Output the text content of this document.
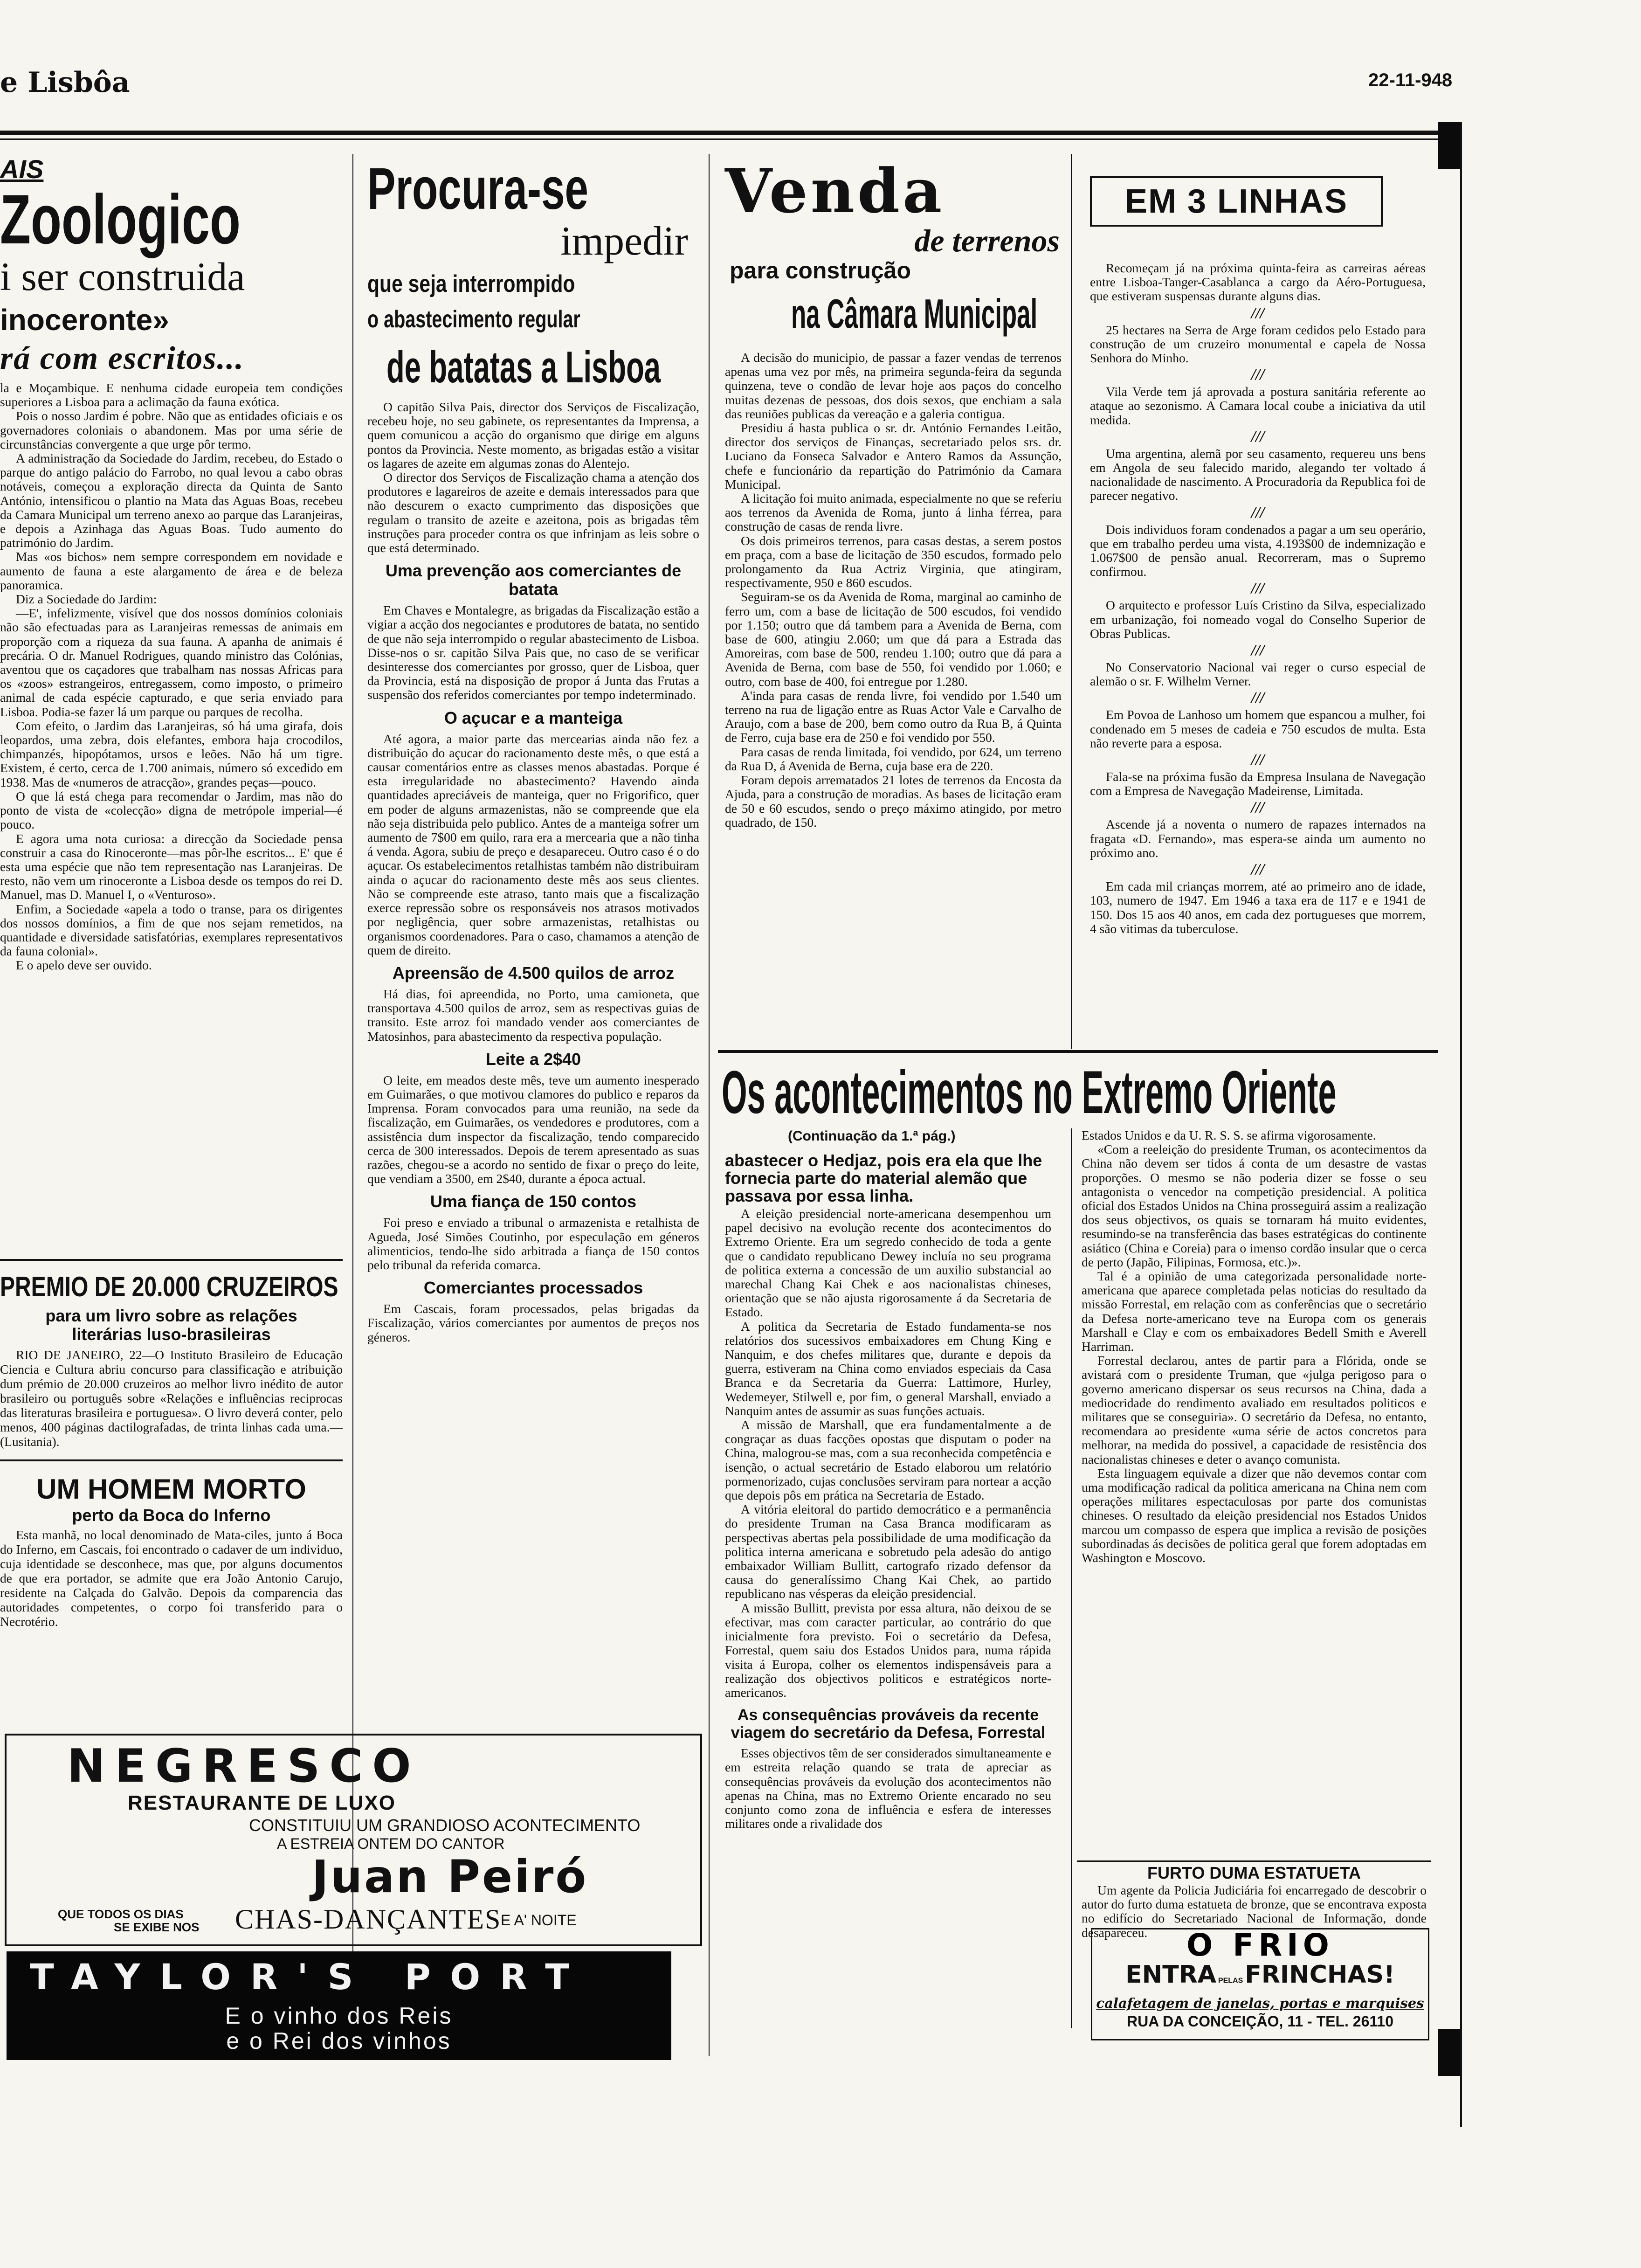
e Lisbôa	22-11-948
AIS
Zoologico
i ser construida
inoceronte»
rá com escritos...

la e Moçambique. E nenhuma cidade europeia tem condições superiores a Lisboa para a aclimação da fauna exótica.

Pois o nosso Jardim é pobre. Não que as entidades oficiais e os governadores coloniais o abandonem. Mas por uma série de circunstâncias convergente a que urge pôr termo.

A administração da Sociedade do Jardim, recebeu, do Estado o parque do antigo palácio do Farrobo, no qual levou a cabo obras notáveis, começou a exploração directa da Quinta de Santo António, intensificou o plantio na Mata das Aguas Boas, recebeu da Camara Municipal um terreno anexo ao parque das Laranjeiras, e depois a Azinhaga das Aguas Boas. Tudo aumento do património do Jardim.

Mas «os bichos» nem sempre correspondem em novidade e aumento de fauna a este alargamento de área e de beleza panoramica.

Diz a Sociedade do Jardim:

—E', infelizmente, visível que dos nossos domínios coloniais não são efectuadas para as Laranjeiras remessas de animais em proporção com a riqueza da sua fauna. A apanha de animais é precária. O dr. Manuel Rodrigues, quando ministro das Colónias, aventou que os caçadores que trabalham nas nossas Africas para os «zoos» estrangeiros, entregassem, como imposto, o primeiro animal de cada espécie capturado, e que seria enviado para Lisboa. Podia-se fazer lá um parque ou parques de recolha.

Com efeito, o Jardim das Laranjeiras, só há uma girafa, dois leopardos, uma zebra, dois elefantes, embora haja crocodilos, chimpanzés, hipopótamos, ursos e leões. Não há um tigre. Existem, é certo, cerca de 1.700 animais, número só excedido em 1938. Mas de «numeros de atracção», grandes peças—pouco.

O que lá está chega para recomendar o Jardim, mas não do ponto de vista de «colecção» digna de metrópole imperial—é pouco.

E agora uma nota curiosa: a direcção da Sociedade pensa construir a casa do Rinoceronte—mas pôr-lhe escritos... E' que é esta uma espécie que não tem representação nas Laranjeiras. De resto, não vem um rinoceronte a Lisboa desde os tempos do rei D. Manuel, mas D. Manuel I, o «Venturoso».

Enfim, a Sociedade «apela a todo o transe, para os dirigentes dos nossos domínios, a fim de que nos sejam remetidos, na quantidade e diversidade satisfatórias, exemplares representativos da fauna colonial».

E o apelo deve ser ouvido.

PREMIO DE 20.000 CRUZEIROS
para um livro sobre as relações literárias luso-brasileiras

RIO DE JANEIRO, 22—O Instituto Brasileiro de Educação Ciencia e Cultura abriu concurso para classificação e atribuição dum prémio de 20.000 cruzeiros ao melhor livro inédito de autor brasileiro ou português sobre «Relações e influências reciprocas das literaturas brasileira e portuguesa». O livro deverá conter, pelo menos, 400 páginas dactilografadas, de trinta linhas cada uma.—(Lusitania).

UM HOMEM MORTO
perto da Boca do Inferno

Esta manhã, no local denominado de Mata-ciles, junto á Boca do Inferno, em Cascais, foi encontrado o cadaver de um individuo, cuja identidade se desconhece, mas que, por alguns documentos de que era portador, se admite que era João Antonio Carujo, residente na Calçada do Galvão. Depois da comparencia das autoridades competentes, o corpo foi transferido para o Necrotério.

Procura-se
impedir
que seja interrompido
o abastecimento regular
de batatas a Lisboa

O capitão Silva Pais, director dos Serviços de Fiscalização, recebeu hoje, no seu gabinete, os representantes da Imprensa, a quem comunicou a acção do organismo que dirige em alguns pontos da Provincia. Neste momento, as brigadas estão a visitar os lagares de azeite em algumas zonas do Alentejo.

O director dos Serviços de Fiscalização chama a atenção dos produtores e lagareiros de azeite e demais interessados para que não descurem o exacto cumprimento das disposições que regulam o transito de azeite e azeitona, pois as brigadas têm instruções para proceder contra os que infrinjam as leis sobre o que está determinado.

Uma prevenção aos comerciantes de batata

Em Chaves e Montalegre, as brigadas da Fiscalização estão a vigiar a acção dos negociantes e produtores de batata, no sentido de que não seja interrompido o regular abastecimento de Lisboa. Disse-nos o sr. capitão Silva Pais que, no caso de se verificar desinteresse dos comerciantes por grosso, quer de Lisboa, quer da Provincia, está na disposição de propor á Junta das Frutas a suspensão dos referidos comerciantes por tempo indeterminado.

O açucar e a manteiga

Até agora, a maior parte das mercearias ainda não fez a distribuição do açucar do racionamento deste mês, o que está a causar comentários entre as classes menos abastadas. Porque é esta irregularidade no abastecimento? Havendo ainda quantidades apreciáveis de manteiga, quer no Frigorifico, quer em poder de alguns armazenistas, não se compreende que ela não seja distribuida pelo publico. Antes de a manteiga sofrer um aumento de 7$00 em quilo, rara era a mercearia que a não tinha á venda. Agora, subiu de preço e desapareceu. Outro caso é o do açucar. Os estabelecimentos retalhistas também não distribuiram ainda o açucar do racionamento deste mês aos seus clientes. Não se compreende este atraso, tanto mais que a fiscalização exerce repressão sobre os responsáveis nos atrasos motivados por negligência, quer sobre armazenistas, retalhistas ou organismos coordenadores. Para o caso, chamamos a atenção de quem de direito.

Apreensão de 4.500 quilos de arroz

Há dias, foi apreendida, no Porto, uma camioneta, que transportava 4.500 quilos de arroz, sem as respectivas guias de transito. Este arroz foi mandado vender aos comerciantes de Matosinhos, para abastecimento da respectiva população.

Leite a 2$40

O leite, em meados deste mês, teve um aumento inesperado em Guimarães, o que motivou clamores do publico e reparos da Imprensa. Foram convocados para uma reunião, na sede da fiscalização, em Guimarães, os vendedores e produtores, com a assistência dum inspector da fiscalização, tendo comparecido cerca de 300 interessados. Depois de terem apresentado as suas razões, chegou-se a acordo no sentido de fixar o preço do leite, que vendiam a 3500, em 2$40, durante a época actual.

Uma fiança de 150 contos

Foi preso e enviado a tribunal o armazenista e retalhista de Agueda, José Simões Coutinho, por especulação em géneros alimenticios, tendo-lhe sido arbitrada a fiança de 150 contos pelo tribunal da referida comarca.

Comerciantes processados

Em Cascais, foram processados, pelas brigadas da Fiscalização, vários comerciantes por aumentos de preços nos géneros.

Venda
de terrenos
para construção
na Câmara Municipal

A decisão do municipio, de passar a fazer vendas de terrenos apenas uma vez por mês, na primeira segunda-feira da segunda quinzena, teve o condão de levar hoje aos paços do concelho muitas dezenas de pessoas, dos dois sexos, que enchiam a sala das reuniões publicas da vereação e a galeria contigua.

Presidiu á hasta publica o sr. dr. António Fernandes Leitão, director dos serviços de Finanças, secretariado pelos srs. dr. Luciano da Fonseca Salvador e Antero Ramos da Assunção, chefe e funcionário da repartição do Património da Camara Municipal.

A licitação foi muito animada, especialmente no que se referiu aos terrenos da Avenida de Roma, junto á linha férrea, para construção de casas de renda livre.

Os dois primeiros terrenos, para casas destas, a serem postos em praça, com a base de licitação de 350 escudos, formado pelo prolongamento da Rua Actriz Virginia, que atingiram, respectivamente, 950 e 860 escudos.

Seguiram-se os da Avenida de Roma, marginal ao caminho de ferro um, com a base de licitação de 500 escudos, foi vendido por 1.150; outro que dá tambem para a Avenida de Berna, com base de 600, atingiu 2.060; um que dá para a Estrada das Amoreiras, com base de 500, rendeu 1.100; outro que dá para a Avenida de Berna, com base de 550, foi vendido por 1.060; e outro, com base de 400, foi entregue por 1.280.

A'inda para casas de renda livre, foi vendido por 1.540 um terreno na rua de ligação entre as Ruas Actor Vale e Carvalho de Araujo, com a base de 200, bem como outro da Rua B, á Quinta de Ferro, cuja base era de 250 e foi vendido por 550.

Para casas de renda limitada, foi vendido, por 624, um terreno da Rua D, á Avenida de Berna, cuja base era de 220.

Foram depois arrematados 21 lotes de terrenos da Encosta da Ajuda, para a construção de moradias. As bases de licitação eram de 50 e 60 escudos, sendo o preço máximo atingido, por metro quadrado, de 150.

EM 3 LINHAS

Recomeçam já na próxima quinta-feira as carreiras aéreas entre Lisboa-Tanger-Casablanca a cargo da Aéro-Portuguesa, que estiveram suspensas durante alguns dias.

///

25 hectares na Serra de Arge foram cedidos pelo Estado para construção de um cruzeiro monumental e capela de Nossa Senhora do Minho.

///

Vila Verde tem já aprovada a postura sanitária referente ao ataque ao sezonismo. A Camara local coube a iniciativa da util medida.

///

Uma argentina, alemã por seu casamento, requereu uns bens em Angola de seu falecido marido, alegando ter voltado á nacionalidade de nascimento. A Procuradoria da Republica foi de parecer negativo.

///

Dois individuos foram condenados a pagar a um seu operário, que em trabalho perdeu uma vista, 4.193$00 de indemnização e 1.067$00 de pensão anual. Recorreram, mas o Supremo confirmou.

///

O arquitecto e professor Luís Cristino da Silva, especializado em urbanização, foi nomeado vogal do Conselho Superior de Obras Publicas.

///

No Conservatorio Nacional vai reger o curso especial de alemão o sr. F. Wilhelm Verner.

///

Em Povoa de Lanhoso um homem que espancou a mulher, foi condenado em 5 meses de cadeia e 750 escudos de multa. Esta não reverte para a esposa.

///

Fala-se na próxima fusão da Empresa Insulana de Navegação com a Empresa de Navegação Madeirense, Limitada.

///

Ascende já a noventa o numero de rapazes internados na fragata «D. Fernando», mas espera-se ainda um aumento no próximo ano.

///

Em cada mil crianças morrem, até ao primeiro ano de idade, 103, numero de 1947. Em 1946 a taxa era de 117 e e 1941 de 150. Dos 15 aos 40 anos, em cada dez portugueses que morrem, 4 são vitimas da tuberculose.

Os acontecimentos no Extremo Oriente
(Continuação da 1.ª pág.)
abastecer o Hedjaz, pois era ela que lhe fornecia parte do material alemão que passava por essa linha.

A eleição presidencial norte-americana desempenhou um papel decisivo na evolução recente dos acontecimentos do Extremo Oriente. Era um segredo conhecido de toda a gente que o candidato republicano Dewey incluía no seu programa de politica externa a concessão de um auxilio substancial ao marechal Chang Kai Chek e aos nacionalistas chineses, orientação que se não ajusta rigorosamente á da Secretaria de Estado.

A politica da Secretaria de Estado fundamenta-se nos relatórios dos sucessivos embaixadores em Chung King e Nanquim, e dos chefes militares que, durante e depois da guerra, estiveram na China como enviados especiais da Casa Branca e da Secretaria da Guerra: Lattimore, Hurley, Wedemeyer, Stilwell e, por fim, o general Marshall, enviado a Nanquim antes de assumir as suas funções actuais.

A missão de Marshall, que era fundamentalmente a de congraçar as duas facções opostas que disputam o poder na China, malogrou-se mas, com a sua reconhecida competência e isenção, o actual secretário de Estado elaborou um relatório pormenorizado, cujas conclusões serviram para nortear a acção que depois pôs em prática na Secretaria de Estado.

A vitória eleitoral do partido democrático e a permanência do presidente Truman na Casa Branca modificaram as perspectivas abertas pela possibilidade de uma modificação da politica interna americana e sobretudo pela adesão do antigo embaixador William Bullitt, cartografo rizado defensor da causa do generalíssimo Chang Kai Chek, ao partido republicano nas vésperas da eleição presidencial.

A missão Bullitt, prevista por essa altura, não deixou de se efectivar, mas com caracter particular, ao contrário do que inicialmente fora previsto. Foi o secretário da Defesa, Forrestal, quem saiu dos Estados Unidos para, numa rápida visita á Europa, colher os elementos indispensáveis para a realização dos objectivos politicos e estratégicos norte-americanos.

As consequências prováveis da recente viagem do secretário da Defesa, Forrestal

Esses objectivos têm de ser considerados simultaneamente e em estreita relação quando se trata de apreciar as consequências prováveis da evolução dos acontecimentos não apenas na China, mas no Extremo Oriente encarado no seu conjunto como zona de influência e esfera de interesses militares onde a rivalidade dos

Estados Unidos e da U. R. S. S. se afirma vigorosamente.

«Com a reeleição do presidente Truman, os acontecimentos da China não devem ser tidos á conta de um desastre de vastas proporções. O mesmo se não poderia dizer se fosse o seu antagonista o vencedor na competição presidencial. A politica oficial dos Estados Unidos na China prosseguirá assim a realização dos seus objectivos, os quais se tornaram há muito evidentes, resumindo-se na transferência das bases estratégicas do continente asiático (China e Coreia) para o imenso cordão insular que o cerca de perto (Japão, Filipinas, Formosa, etc.)».

Tal é a opinião de uma categorizada personalidade norte-americana que aparece completada pelas noticias do resultado da missão Forrestal, em relação com as conferências que o secretário da Defesa norte-americano teve na Europa com os generais Marshall e Clay e com os embaixadores Bedell Smith e Averell Harriman.

Forrestal declarou, antes de partir para a Flórida, onde se avistará com o presidente Truman, que «julga perigoso para o governo americano dispersar os seus recursos na China, dada a mediocridade do rendimento avaliado em resultados politicos e militares que se conseguiria». O secretário da Defesa, no entanto, recomendara ao presidente «uma série de actos concretos para melhorar, na medida do possivel, a capacidade de resistência dos nacionalistas chineses e deter o avanço comunista.

Esta linguagem equivale a dizer que não devemos contar com uma modificação radical da politica americana na China nem com operações militares espectaculosas por parte dos comunistas chineses. O resultado da eleição presidencial nos Estados Unidos marcou um compasso de espera que implica a revisão de posições subordinadas ás decisões de politica geral que forem adoptadas em Washington e Moscovo.

FURTO DUMA ESTATUETA

Um agente da Policia Judiciária foi encarregado de descobrir o autor do furto duma estatueta de bronze, que se encontrava exposta no edifício do Secretariado Nacional de Informação, donde desapareceu.	O FRIO
ENTRA PELAS FRINCHAS!
calafetagem de janelas, portas e marquises
RUA DA CONCEIÇÃO, 11 - TEL. 26110
NEGRESCO
RESTAURANTE DE LUXO
CONSTITUIU UM GRANDIOSO ACONTECIMENTO
A ESTREIA ONTEM DO CANTOR
Juan Peiró
QUE TODOS OS DIAS
SE EXIBE NOS CHAS-DANÇANTES
E A' NOITE
TAYLOR'S PORT
E o vinho dos Reis
e o Rei dos vinhos
